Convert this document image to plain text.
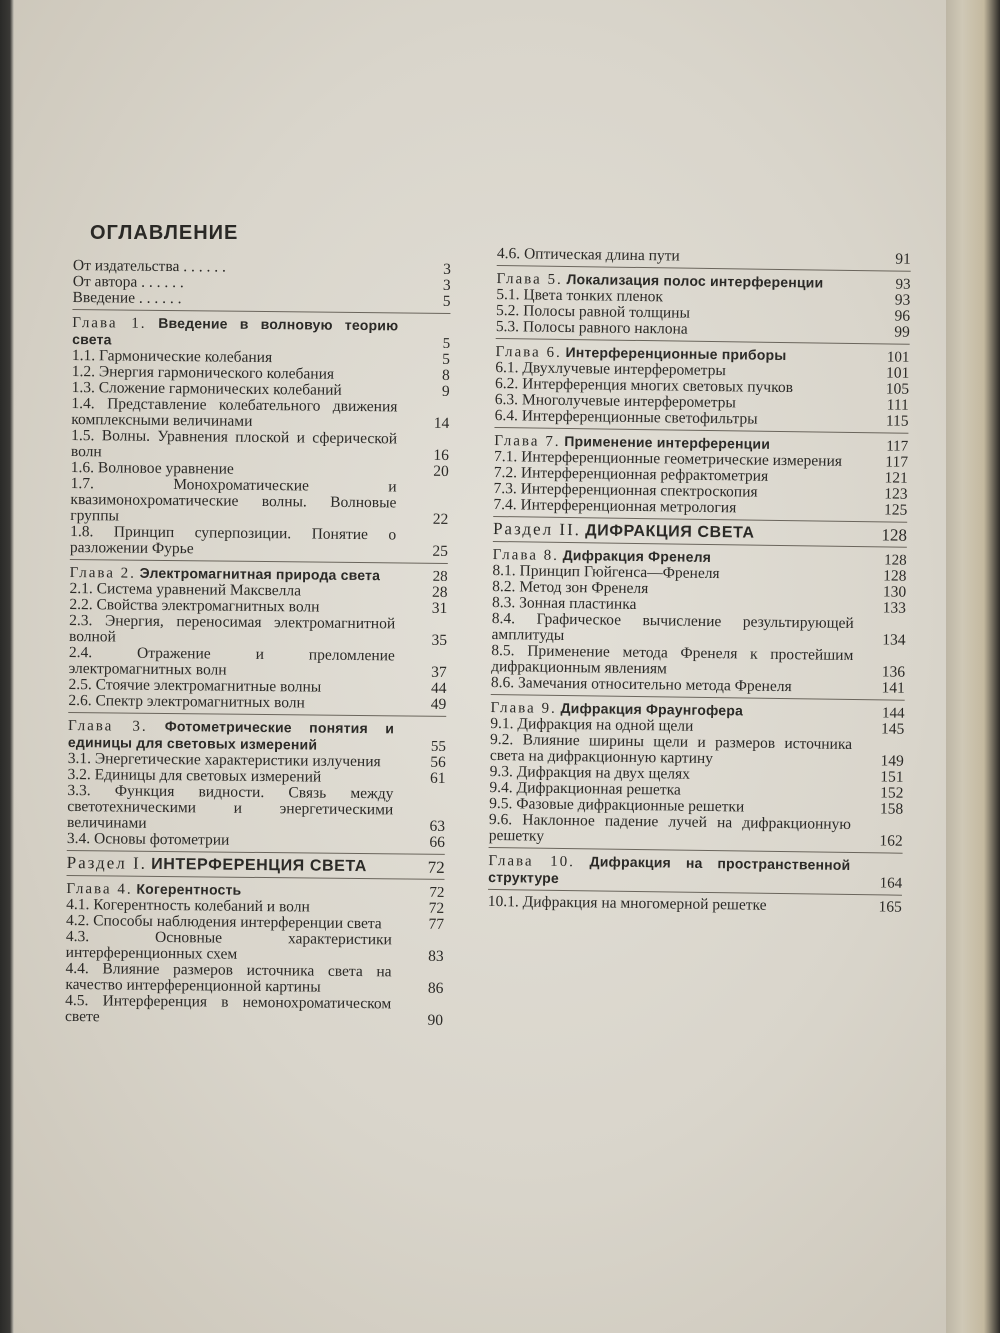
ОГЛАВЛЕНИЕ
От издательства . . . . . .	3
От автора . . . . . .	3
Введение . . . . . .	5
Глава 1. Введение в волновую теорию света	5
1.1. Гармонические колебания	5
1.2. Энергия гармонического колебания	8
1.3. Сложение гармонических колебаний	9
1.4. Представление колебательного движения комплексными величинами	14
1.5. Волны. Уравнения плоской и сферической волн	16
1.6. Волновое уравнение	20
1.7. Монохроматические и квазимонохроматические волны. Волновые группы	22
1.8. Принцип суперпозиции. Понятие о разложении Фурье	25
Глава 2. Электромагнитная природа света	28
2.1. Система уравнений Максвелла	28
2.2. Свойства электромагнитных волн	31
2.3. Энергия, переносимая электромагнитной волной	35
2.4. Отражение и преломление электромагнитных волн	37
2.5. Стоячие электромагнитные волны	44
2.6. Спектр электромагнитных волн	49
Глава 3. Фотометрические понятия и единицы для световых измерений	55
3.1. Энергетические характеристики излучения	56
3.2. Единицы для световых измерений	61
3.3. Функция видности. Связь между светотехническими и энергетическими величинами	63
3.4. Основы фотометрии	66
Раздел I. ИНТЕРФЕРЕНЦИЯ СВЕТА	72
Глава 4. Когерентность	72
4.1. Когерентность колебаний и волн	72
4.2. Способы наблюдения интерференции света	77
4.3. Основные характеристики интерференционных схем	83
4.4. Влияние размеров источника света на качество интерференционной картины	86
4.5. Интерференция в немонохроматическом свете	90
4.6. Оптическая длина пути	91
Глава 5. Локализация полос интерференции	93
5.1. Цвета тонких пленок	93
5.2. Полосы равной толщины	96
5.3. Полосы равного наклона	99
Глава 6. Интерференционные приборы	101
6.1. Двухлучевые интерферометры	101
6.2. Интерференция многих световых пучков	105
6.3. Многолучевые интерферометры	111
6.4. Интерференционные светофильтры	115
Глава 7. Применение интерференции	117
7.1. Интерференционные геометрические измерения	117
7.2. Интерференционная рефрактометрия	121
7.3. Интерференционная спектроскопия	123
7.4. Интерференционная метрология	125
Раздел II. ДИФРАКЦИЯ СВЕТА	128
Глава 8. Дифракция Френеля	128
8.1. Принцип Гюйгенса—Френеля	128
8.2. Метод зон Френеля	130
8.3. Зонная пластинка	133
8.4. Графическое вычисление результирующей амплитуды	134
8.5. Применение метода Френеля к простейшим дифракционным явлениям	136
8.6. Замечания относительно метода Френеля	141
Глава 9. Дифракция Фраунгофера	144
9.1. Дифракция на одной щели	145
9.2. Влияние ширины щели и размеров источника света на дифракционную картину	149
9.3. Дифракция на двух щелях	151
9.4. Дифракционная решетка	152
9.5. Фазовые дифракционные решетки	158
9.6. Наклонное падение лучей на дифракционную решетку	162
Глава 10. Дифракция на пространственной структуре	164
10.1. Дифракция на многомерной решетке	165
